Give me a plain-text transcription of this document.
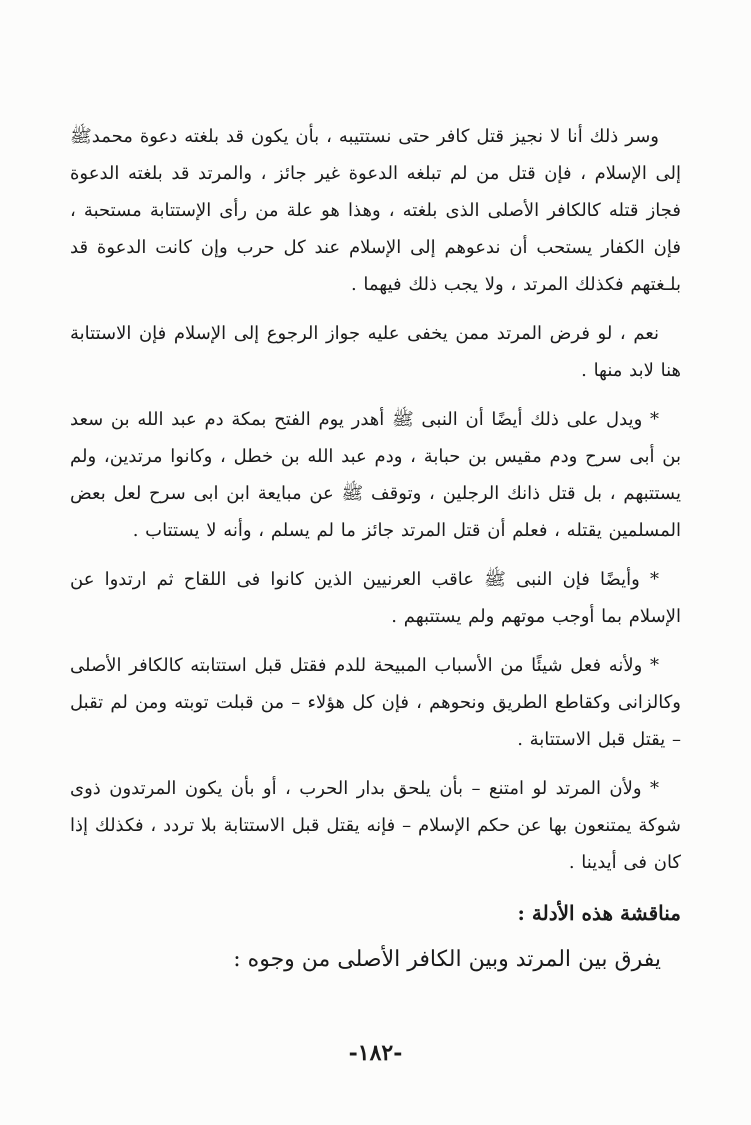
وسر ذلك أنا لا نجيز قتل كافر حتى نستتيبه ، بأن يكون قد بلغته دعوة محمدﷺ إلى الإسلام ، فإن قتل من لم تبلغه الدعوة غير جائز ، والمرتد قد بلغته الدعوة فجاز قتله كالكافر الأصلى الذى بلغته ، وهذا هو علة من رأى الإستتابة مستحبة ، فإن الكفار يستحب أن ندعوهم إلى الإسلام عند كل حرب وإن كانت الدعوة قد بلـغتهم فكذلك المرتد ، ولا يجب ذلك فيهما .

نعم ، لو فرض المرتد ممن يخفى عليه جواز الرجوع إلى الإسلام فإن الاستتابة هنا لابد منها .

* ويدل على ذلك أيضًا أن النبى ﷺ أهدر يوم الفتح بمكة دم عبد الله بن سعد بن أبى سرح ودم مقيس بن حبابة ، ودم عبد الله بن خطل ، وكانوا مرتدين، ولم يستتبهم ، بل قتل ذانك الرجلين ، وتوقف ﷺ عن مبايعة ابن ابى سرح لعل بعض المسلمين يقتله ، فعلم أن قتل المرتد جائز ما لم يسلم ، وأنه لا يستتاب .

* وأيضًا فإن النبى ﷺ عاقب العرنيين الذين كانوا فى اللقاح ثم ارتدوا عن الإسلام بما أوجب موتهم ولم يستتبهم .

* ولأنه فعل شيئًا من الأسباب المبيحة للدم فقتل قبل استتابته كالكافر الأصلى وكالزانى وكقاطع الطريق ونحوهم ، فإن كل هؤلاء – من قبلت توبته ومن لم تقبل – يقتل قبل الاستتابة .

* ولأن المرتد لو امتنع – بأن يلحق بدار الحرب ، أو بأن يكون المرتدون ذوى شوكة يمتنعون بها عن حكم الإسلام – فإنه يقتل قبل الاستتابة بلا تردد ، فكذلك إذا كان فى أيدينا .

مناقشة هذه الأدلة :

يفرق بين المرتد وبين الكافر الأصلى من وجوه :

-١٨٢-
